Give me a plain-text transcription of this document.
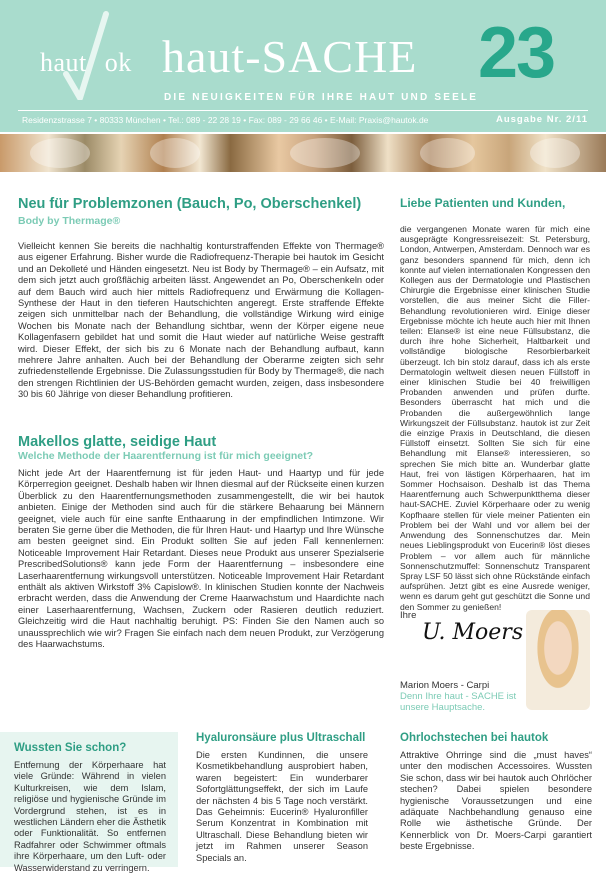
haut ok haut-SACHE
DIE NEUIGKEITEN FÜR IHRE HAUT UND SEELE
23
Residenzstrasse 7 • 80333 München • Tel.: 089 - 22 28 19 • Fax: 089 - 29 66 46 • E-Mail: Praxis@hautok.de	Ausgabe Nr. 2/11
Neu für Problemzonen (Bauch, Po, Oberschenkel)
Body by Thermage®
Vielleicht kennen Sie bereits die nachhaltig konturstraffenden Effekte von Thermage® aus eigener Erfahrung. Bisher wurde die Radiofrequenz-Therapie bei hautok im Gesicht und an Dekolleté und Händen eingesetzt. Neu ist Body by Thermage® – ein Aufsatz, mit dem sich jetzt auch großflächig arbeiten lässt. Angewendet an Po, Oberschenkeln oder auf dem Bauch wird auch hier mittels Radiofrequenz und Erwärmung die Kollagen-Synthese der Haut in den tieferen Hautschichten angeregt. Erste straffende Effekte zeigen sich unmittelbar nach der Behandlung, die vollständige Wirkung wird einige Wochen bis Monate nach der Behandlung sichtbar, wenn der Körper eigene neue Kollagenfasern gebildet hat und somit die Haut wieder auf natürliche Weise gestrafft wird. Dieser Effekt, der sich bis zu 6 Monate nach der Behandlung aufbaut, kann mehrere Jahre anhalten. Auch bei der Behandlung der Oberarme zeigten sich sehr zufriedenstellende Ergebnisse. Die Zulassungsstudien für Body by Thermage®, die nach den strengen Richtlinien der US-Behörden gemacht wurden, zeigen, dass insbesondere 30 bis 60 Jährige von dieser Behandlung profitieren.
Makellos glatte, seidige Haut
Welche Methode der Haarentfernung ist für mich geeignet?
Nicht jede Art der Haarentfernung ist für jeden Haut- und Haartyp und für jede Körperregion geeignet. Deshalb haben wir Ihnen diesmal auf der Rückseite einen kurzen Überblick zu den Haarentfernungsmethoden zusammengestellt, die wir bei hautok anbieten. Einige der Methoden sind auch für die stärkere Behaarung bei Männern geeignet, viele auch für eine sanfte Enthaarung in der empfindlichen Intimzone. Wir beraten Sie gerne über die Methoden, die für Ihren Haut- und Haartyp und Ihre Wünsche am besten geeignet sind. Ein Produkt sollten Sie auf jeden Fall kennenlernen: Noticeable Improvement Hair Retardant. Dieses neue Produkt aus unserer Spezialserie PrescribedSolutions® kann jede Form der Haarentfernung – insbesondere eine Laserhaarentfernung wirkungsvoll unterstützen. Noticeable Improvement Hair Retardant enthält als aktiven Wirkstoff 3% Capislow®. In klinischen Studien konnte der Nachweis erbracht werden, dass die Anwendung der Creme Haarwachstum und Haardichte nach einer Laserhaarentfernung, Wachsen, Zuckern oder Rasieren deutlich reduziert. Gleichzeitig wird die Haut nachhaltig beruhigt. PS: Finden Sie den Namen auch so unaussprechlich wie wir? Fragen Sie einfach nach dem neuen Produkt, zur Verzögerung des Haarwachstums.
Liebe Patienten und Kunden,
die vergangenen Monate waren für mich eine ausgeprägte Kongressreisezeit: St. Petersburg, London, Antwerpen, Amsterdam. Dennoch war es ganz besonders spannend für mich, denn ich konnte auf vielen internationalen Kongressen den Kollegen aus der Dermatologie und Plastischen Chirurgie die Ergebnisse einer klinischen Studie vorstellen, die aus meiner Sicht die Filler-Behandlung revolutionieren wird. Einige dieser Ergebnisse möchte ich heute auch hier mit Ihnen teilen: Elanse® ist eine neue Füllsubstanz, die durch ihre hohe Sicherheit, Haltbarkeit und vollständige biologische Resorbierbarkeit überzeugt. Ich bin stolz darauf, dass ich als erste Dermatologin weltweit diesen neuen Füllstoff in einer klinischen Studie bei 40 freiwilligen Probanden anwenden und prüfen durfte. Besonders überrascht hat mich und die Probanden die außergewöhnlich lange Wirkungszeit der Füllsubstanz. hautok ist zur Zeit die einzige Praxis in Deutschland, die diesen Füllstoff einsetzt. Sollten Sie sich für eine Behandlung mit Elanse® interessieren, so sprechen Sie mich bitte an. Wunderbar glatte Haut, frei von lästigen Körperhaaren, hat im Sommer Hochsaison. Deshalb ist das Thema Haarentfernung auch Schwerpunktthema dieser haut-SACHE. Zuviel Körperhaare oder zu wenig Kopfhaare stellen für viele meiner Patienten ein Problem bei der Wahl und vor allem bei der Anwendung des Sonnenschutzes dar. Mein neues Lieblingsprodukt von Eucerin® löst dieses Problem – vor allem auch für männliche Sonnenschutzmuffel: Sonnenschutz Transparent Spray LSF 50 lässt sich ohne Rückstände einfach aufsprühen. Jetzt gibt es eine Ausrede weniger, wenn es darum geht gut geschützt die Sonne und den Sommer zu genießen!
Ihre
U. Moers
Marion Moers - Carpi
Denn Ihre haut - SACHE ist unsere Hauptsache.
Wussten Sie schon?
Entfernung der Körperhaare hat viele Gründe: Während in vielen Kulturkreisen, wie dem Islam, religiöse und hygienische Gründe im Vordergrund stehen, ist es in westlichen Ländern eher die Ästhetik oder Funktionalität. So entfernen Radfahrer oder Schwimmer oftmals ihre Körperhaare, um den Luft- oder Wasserwiderstand zu verringern.
Hyaluronsäure plus Ultraschall
Die ersten Kundinnen, die unsere Kosmetikbehandlung ausprobiert haben, waren begeistert: Ein wunderbarer Sofortglättungseffekt, der sich im Laufe der nächsten 4 bis 5 Tage noch verstärkt. Das Geheimnis: Eucerin® Hyaluronfiller Serum Konzentrat in Kombination mit Ultraschall. Diese Behandlung bieten wir jetzt im Rahmen unserer Season Specials an.
Ohrlochstechen bei hautok
Attraktive Ohrringe sind die „must haves“ unter den modischen Accessoires. Wussten Sie schon, dass wir bei hautok auch Ohrlöcher stechen? Dabei spielen besondere hygienische Voraussetzungen und eine adäquate Nachbehandlung genauso eine Rolle wie ästhetische Gründe. Der Kennerblick von Dr. Moers-Carpi garantiert beste Ergebnisse.
